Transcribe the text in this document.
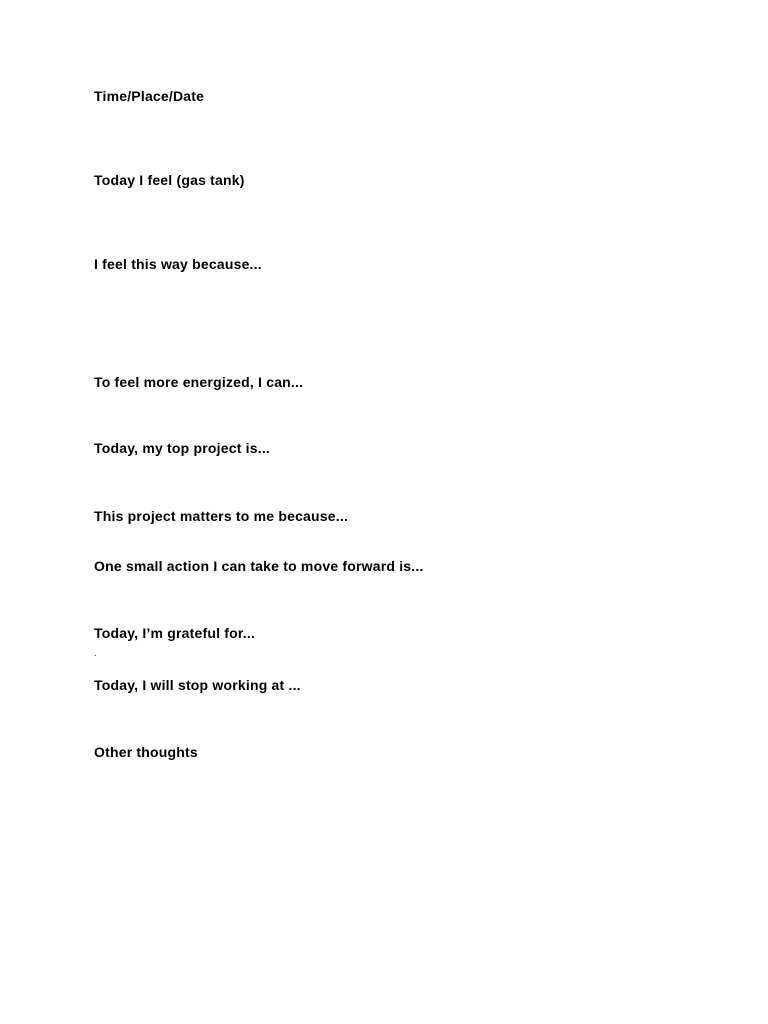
Time/Place/Date

Today I feel (gas tank)

I feel this way because...

To feel more energized, I can...

Today, my top project is...

This project matters to me because...

One small action I can take to move forward is...

Today, I’m grateful for...

.

Today, I will stop working at ...

Other thoughts
